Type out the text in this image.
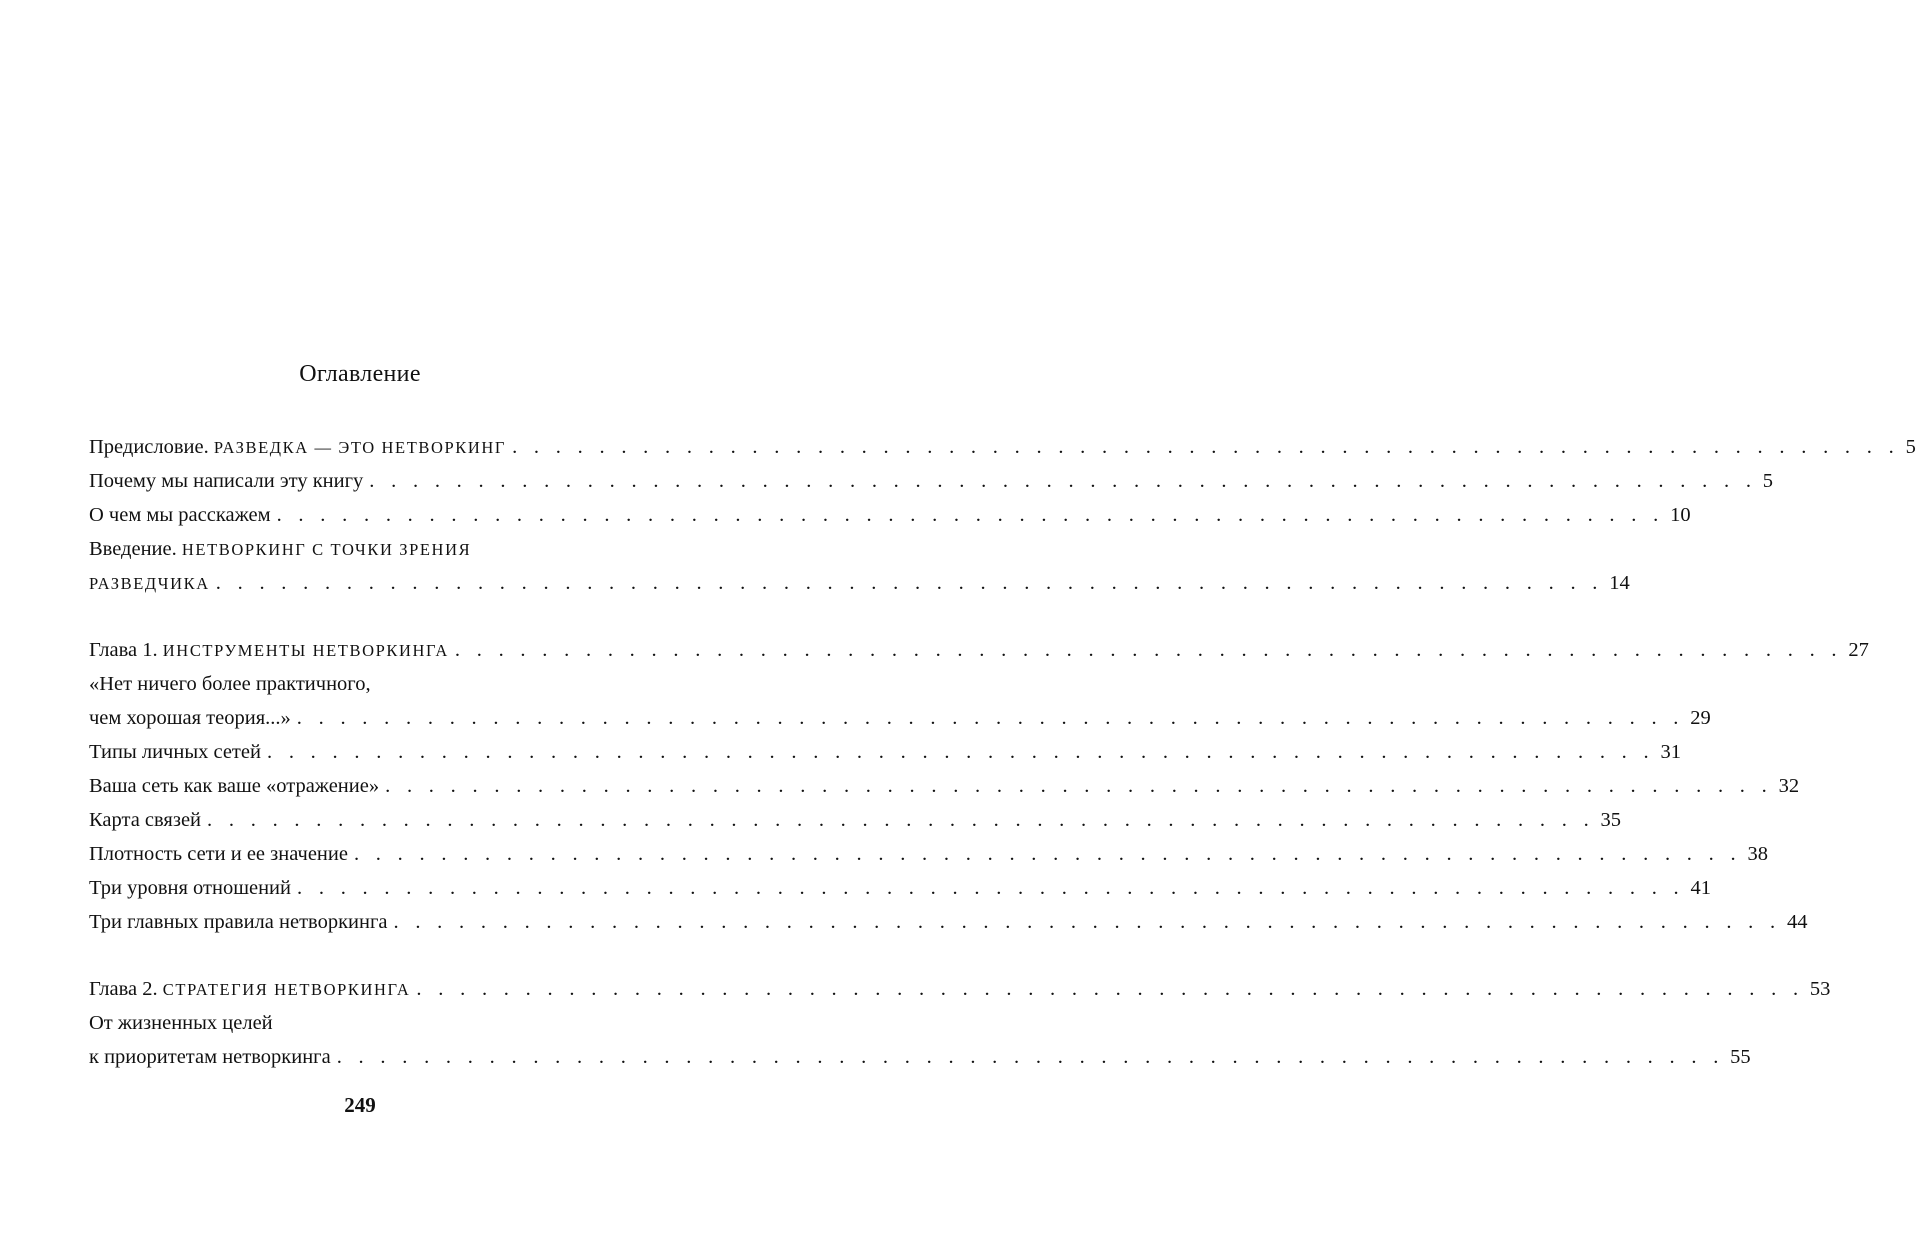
Оглавление
Предисловие. РАЗВЕДКА — ЭТО НЕТВОРКИНГ . . . . . . . . . . . . . . . . . . . . . . . . . . . . . . . . . . . . . . . . . . . . . . . . . . . . . . . . . . . . . . . . 5
Почему мы написали эту книгу . . . . . . . . . . . . . . . . . . . . . . . . . . . . . . . . . . . . . . . . . . . . . . . . . . . . . . . . . . . . . . . . 5
О чем мы расскажем . . . . . . . . . . . . . . . . . . . . . . . . . . . . . . . . . . . . . . . . . . . . . . . . . . . . . . . . . . . . . . . . 10
Введение. НЕТВОРКИНГ С ТОЧКИ ЗРЕНИЯ
РАЗВЕДЧИКА . . . . . . . . . . . . . . . . . . . . . . . . . . . . . . . . . . . . . . . . . . . . . . . . . . . . . . . . . . . . . . . . 14
Глава 1. ИНСТРУМЕНТЫ НЕТВОРКИНГА . . . . . . . . . . . . . . . . . . . . . . . . . . . . . . . . . . . . . . . . . . . . . . . . . . . . . . . . . . . . . . . . 27
«Нет ничего более практичного,
чем хорошая теория...» . . . . . . . . . . . . . . . . . . . . . . . . . . . . . . . . . . . . . . . . . . . . . . . . . . . . . . . . . . . . . . . . 29
Типы личных сетей . . . . . . . . . . . . . . . . . . . . . . . . . . . . . . . . . . . . . . . . . . . . . . . . . . . . . . . . . . . . . . . . 31
Ваша сеть как ваше «отражение» . . . . . . . . . . . . . . . . . . . . . . . . . . . . . . . . . . . . . . . . . . . . . . . . . . . . . . . . . . . . . . . . 32
Карта связей . . . . . . . . . . . . . . . . . . . . . . . . . . . . . . . . . . . . . . . . . . . . . . . . . . . . . . . . . . . . . . . . 35
Плотность сети и ее значение . . . . . . . . . . . . . . . . . . . . . . . . . . . . . . . . . . . . . . . . . . . . . . . . . . . . . . . . . . . . . . . . 38
Три уровня отношений . . . . . . . . . . . . . . . . . . . . . . . . . . . . . . . . . . . . . . . . . . . . . . . . . . . . . . . . . . . . . . . . 41
Три главных правила нетворкинга . . . . . . . . . . . . . . . . . . . . . . . . . . . . . . . . . . . . . . . . . . . . . . . . . . . . . . . . . . . . . . . . 44
Глава 2. СТРАТЕГИЯ НЕТВОРКИНГА . . . . . . . . . . . . . . . . . . . . . . . . . . . . . . . . . . . . . . . . . . . . . . . . . . . . . . . . . . . . . . . . 53
От жизненных целей
к приоритетам нетворкинга . . . . . . . . . . . . . . . . . . . . . . . . . . . . . . . . . . . . . . . . . . . . . . . . . . . . . . . . . . . . . . . . 55
249
